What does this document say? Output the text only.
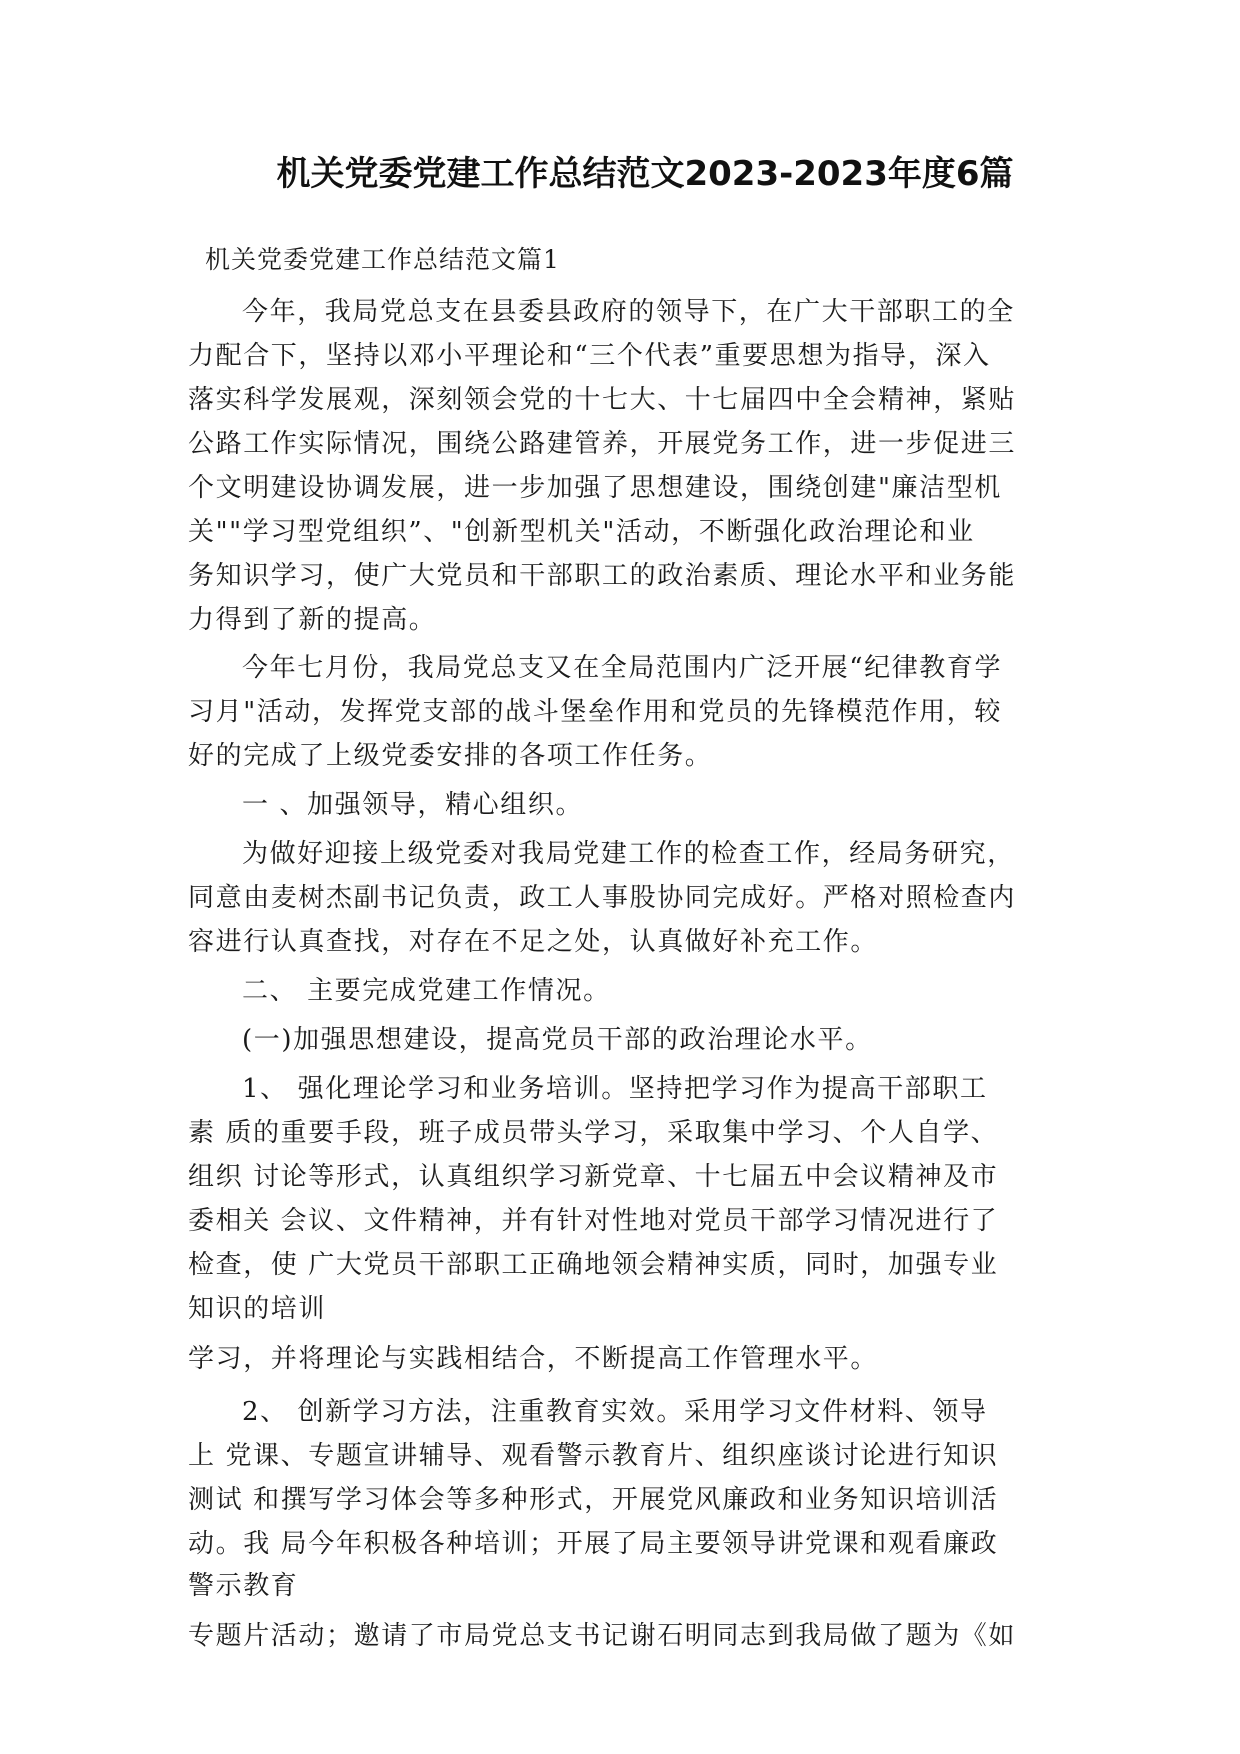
机关党委党建工作总结范文2023-2023年度6篇
机关党委党建工作总结范文篇1
今年，我局党总支在县委县政府的领导下，在广大干部职工的全
力配合下，坚持以邓小平理论和“三个代表”重要思想为指导，深入
落实科学发展观，深刻领会党的十七大、十七届四中全会精神，紧贴
公路工作实际情况，围绕公路建管养，开展党务工作，进一步促进三
个文明建设协调发展，进一步加强了思想建设，围绕创建"廉洁型机
关""学习型党组织”、"创新型机关"活动，不断强化政治理论和业
务知识学习，使广大党员和干部职工的政治素质、理论水平和业务能
力得到了新的提高。
今年七月份，我局党总支又在全局范围内广泛开展“纪律教育学
习月"活动，发挥党支部的战斗堡垒作用和党员的先锋模范作用，较
好的完成了上级党委安排的各项工作任务。
一 、加强领导，精心组织。
为做好迎接上级党委对我局党建工作的检查工作，经局务研究，
同意由麦树杰副书记负责，政工人事股协同完成好。严格对照检查内
容进行认真查找，对存在不足之处，认真做好补充工作。
二、 主要完成党建工作情况。
(一)加强思想建设，提高党员干部的政治理论水平。
1、 强化理论学习和业务培训。坚持把学习作为提高干部职工
素 质的重要手段，班子成员带头学习，采取集中学习、个人自学、
组织 讨论等形式，认真组织学习新党章、十七届五中会议精神及市
委相关 会议、文件精神，并有针对性地对党员干部学习情况进行了
检查，使 广大党员干部职工正确地领会精神实质，同时，加强专业
知识的培训
学习，并将理论与实践相结合，不断提高工作管理水平。
2、 创新学习方法，注重教育实效。采用学习文件材料、领导
上 党课、专题宣讲辅导、观看警示教育片、组织座谈讨论进行知识
测试 和撰写学习体会等多种形式，开展党风廉政和业务知识培训活
动。我 局今年积极各种培训；开展了局主要领导讲党课和观看廉政
警示教育
专题片活动；邀请了市局党总支书记谢石明同志到我局做了题为《如
